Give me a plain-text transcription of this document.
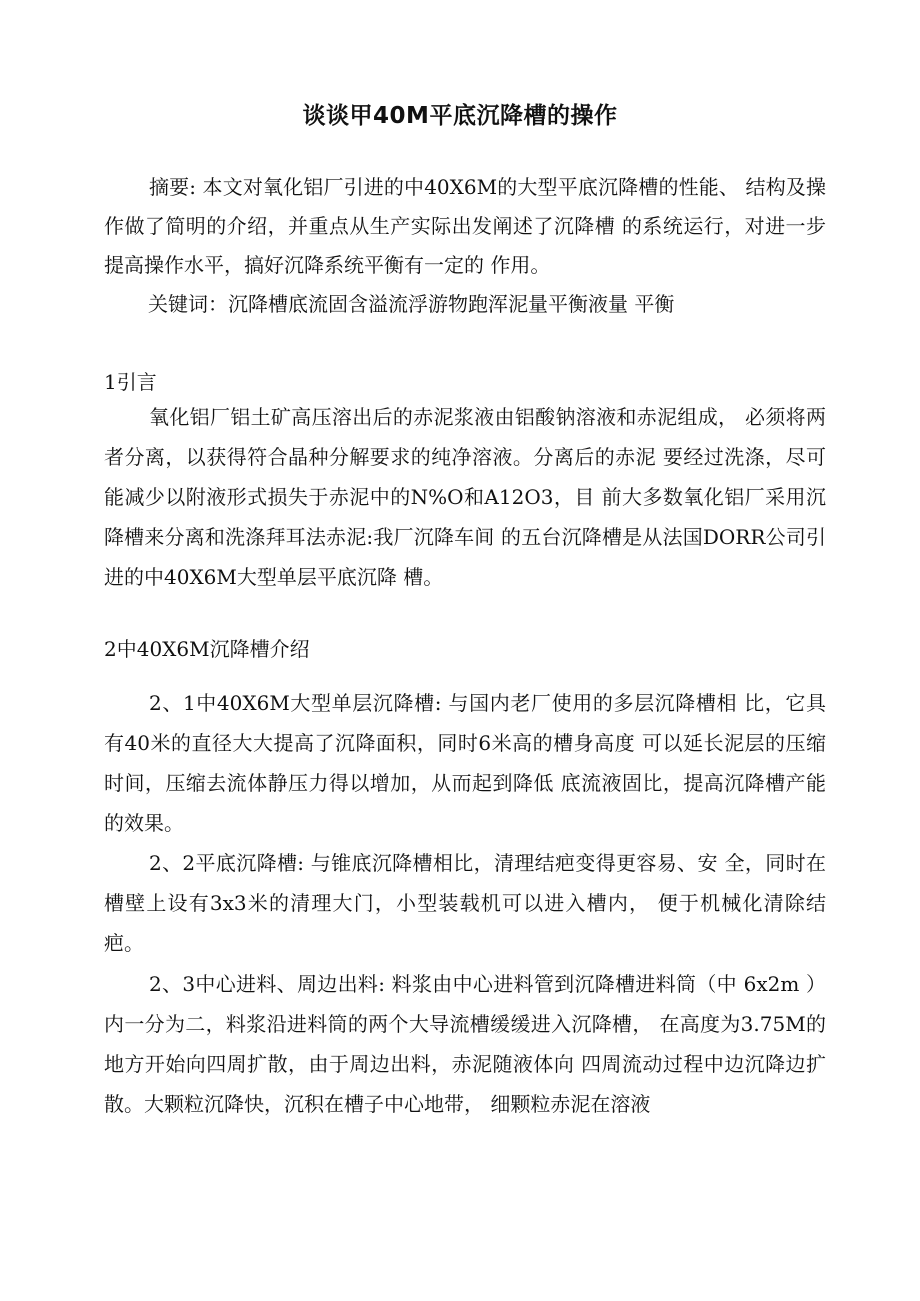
谈谈甲40M平底沉降槽的操作
摘要: 本文对氧化铝厂引进的中40X6M的大型平底沉降槽的性能、 结构及操作做了简明的介绍，并重点从生产实际出发阐述了沉降槽 的系统运行，对进一步提高操作水平，搞好沉降系统平衡有一定的 作用。
关键词：沉降槽底流固含溢流浮游物跑浑泥量平衡液量 平衡
1引言
氧化铝厂铝土矿高压溶出后的赤泥浆液由铝酸钠溶液和赤泥组成， 必须将两者分离，以获得符合晶种分解要求的纯净溶液。分离后的赤泥 要经过洗涤，尽可能减少以附液形式损失于赤泥中的N%O和A12O3，目 前大多数氧化铝厂采用沉降槽来分离和洗涤拜耳法赤泥:我厂沉降车间 的五台沉降槽是从法国DORR公司引进的中40X6M大型单层平底沉降 槽。
2中40X6M沉降槽介绍
2、1中40X6M大型单层沉降槽: 与国内老厂使用的多层沉降槽相 比，它具有40米的直径大大提高了沉降面积，同时6米高的槽身高度 可以延长泥层的压缩时间，压缩去流体静压力得以增加，从而起到降低 底流液固比，提高沉降槽产能的效果。
2、2平底沉降槽: 与锥底沉降槽相比，清理结疤变得更容易、安 全，同时在槽壁上设有3x3米的清理大门，小型装载机可以进入槽内， 便于机械化清除结疤。
2、3中心进料、周边出料: 料浆由中心进料管到沉降槽进料筒（中 6x2m ）内一分为二，料浆沿进料筒的两个大导流槽缓缓进入沉降槽， 在高度为3.75M的地方开始向四周扩散，由于周边出料，赤泥随液体向 四周流动过程中边沉降边扩散。大颗粒沉降快，沉积在槽子中心地带， 细颗粒赤泥在溶液
